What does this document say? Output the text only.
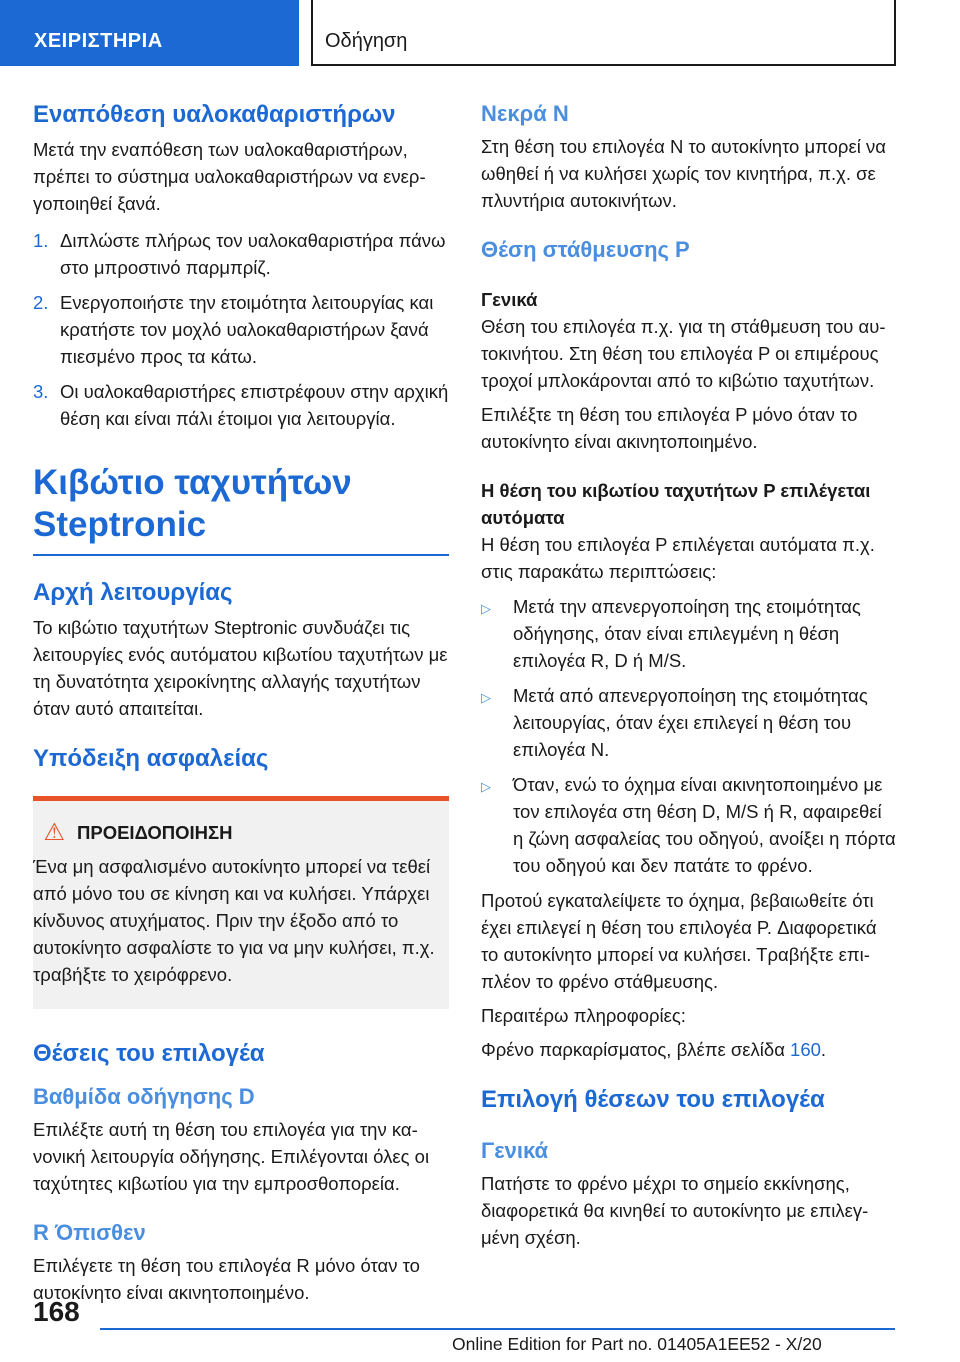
ΧΕΙΡΙΣΤΗΡΙΑ	Οδήγηση
Εναπόθεση υαλοκαθαριστήρων

Μετά την εναπόθεση των υαλοκαθαριστήρων, πρέπει το σύστημα υαλοκαθαριστήρων να ενεργοποιηθεί ξανά.

1. Διπλώστε πλήρως τον υαλοκαθαριστήρα πάνω στο μπροστινό παρμπρίζ.
2. Ενεργοποιήστε την ετοιμότητα λειτουργίας και κρατήστε τον μοχλό υαλοκαθαριστήρων ξανά πιεσμένο προς τα κάτω.
3. Οι υαλοκαθαριστήρες επιστρέφουν στην αρχική θέση και είναι πάλι έτοιμοι για λειτουργία.
Κιβώτιο ταχυτήτων Steptronic
Αρχή λειτουργίας

Το κιβώτιο ταχυτήτων Steptronic συνδυάζει τις λειτουργίες ενός αυτόματου κιβωτίου ταχυτήτων με τη δυνατότητα χειροκίνητης αλλαγής ταχυτήτων όταν αυτό απαιτείται.

Υπόδειξη ασφαλείας
⚠ ΠΡΟΕΙΔΟΠΟΙΗΣΗ

Ένα μη ασφαλισμένο αυτοκίνητο μπορεί να τεθεί από μόνο του σε κίνηση και να κυλήσει. Υπάρχει κίνδυνος ατυχήματος. Πριν την έξοδο από το αυτοκίνητο ασφαλίστε το για να μην κυλήσει, π.χ. τραβήξτε το χειρόφρενο.

Θέσεις του επιλογέα
Βαθμίδα οδήγησης D

Επιλέξτε αυτή τη θέση του επιλογέα για την κανονική λειτουργία οδήγησης. Επιλέγονται όλες οι ταχύτητες κιβωτίου για την εμπροσθοπορεία.

R Όπισθεν

Επιλέγετε τη θέση του επιλογέα R μόνο όταν το αυτοκίνητο είναι ακινητοποιημένο.

Νεκρά N

Στη θέση του επιλογέα N το αυτοκίνητο μπορεί να ωθηθεί ή να κυλήσει χωρίς τον κινητήρα, π.χ. σε πλυντήρια αυτοκινήτων.

Θέση στάθμευσης P
Γενικά

Θέση του επιλογέα π.χ. για τη στάθμευση του αυτοκινήτου. Στη θέση του επιλογέα P οι επιμέρους τροχοί μπλοκάρονται από το κιβώτιο ταχυτήτων.

Επιλέξτε τη θέση του επιλογέα P μόνο όταν το αυτοκίνητο είναι ακινητοποιημένο.

Η θέση του κιβωτίου ταχυτήτων P επιλέγεται αυτόματα

Η θέση του επιλογέα P επιλέγεται αυτόματα π.χ. στις παρακάτω περιπτώσεις:

▷	Μετά την απενεργοποίηση της ετοιμότητας οδήγησης, όταν είναι επιλεγμένη η θέση επιλογέα R, D ή M/S.
▷	Μετά από απενεργοποίηση της ετοιμότητας λειτουργίας, όταν έχει επιλεγεί η θέση του επιλογέα N.
▷	Όταν, ενώ το όχημα είναι ακινητοποιημένο με τον επιλογέα στη θέση D, M/S ή R, αφαιρεθεί η ζώνη ασφαλείας του οδηγού, ανοίξει η πόρτα του οδηγού και δεν πατάτε το φρένο.

Προτού εγκαταλείψετε το όχημα, βεβαιωθείτε ότι έχει επιλεγεί η θέση του επιλογέα P. Διαφορετικά το αυτοκίνητο μπορεί να κυλήσει. Τραβήξτε επιπλέον το φρένο στάθμευσης.

Περαιτέρω πληροφορίες:

Φρένο παρκαρίσματος, βλέπε σελίδα 160.

Επιλογή θέσεων του επιλογέα
Γενικά

Πατήστε το φρένο μέχρι το σημείο εκκίνησης, διαφορετικά θα κινηθεί το αυτοκίνητο με επιλεγμένη σχέση.

168
Online Edition for Part no. 01405A1EE52 - X/20
